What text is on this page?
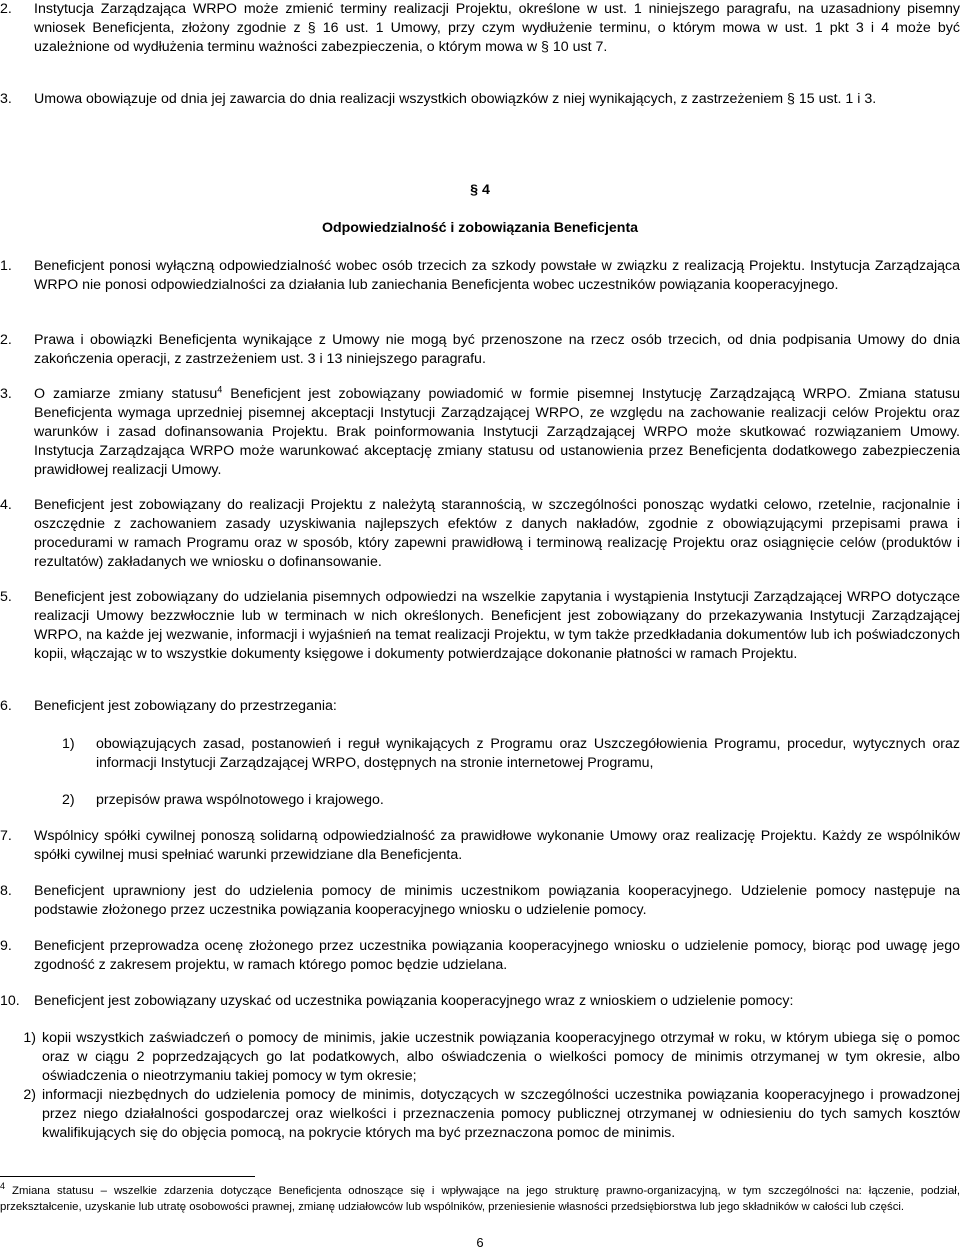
2.	Instytucja Zarządzająca WRPO może zmienić terminy realizacji Projektu, określone w ust. 1 niniejszego paragrafu, na uzasadniony pisemny wniosek Beneficjenta, złożony zgodnie z § 16 ust. 1 Umowy, przy czym wydłużenie terminu, o którym mowa w ust. 1 pkt 3 i 4 może być uzależnione od wydłużenia terminu ważności zabezpieczenia, o którym mowa w § 10 ust 7.
3.	Umowa obowiązuje od dnia jej zawarcia do dnia realizacji wszystkich obowiązków z niej wynikających, z zastrzeżeniem § 15 ust. 1 i 3.
§ 4
Odpowiedzialność i zobowiązania Beneficjenta
1.	Beneficjent ponosi wyłączną odpowiedzialność wobec osób trzecich za szkody powstałe w związku z realizacją Projektu. Instytucja Zarządzająca WRPO nie ponosi odpowiedzialności za działania lub zaniechania Beneficjenta wobec uczestników powiązania kooperacyjnego.
2.	Prawa i obowiązki Beneficjenta wynikające z Umowy nie mogą być przenoszone na rzecz osób trzecich, od dnia podpisania Umowy do dnia zakończenia operacji, z zastrzeżeniem ust. 3 i 13 niniejszego paragrafu.
3.	O zamiarze zmiany statusu$^4$ Beneficjent jest zobowiązany powiadomić w formie pisemnej Instytucję Zarządzającą WRPO. Zmiana statusu Beneficjenta wymaga uprzedniej pisemnej akceptacji Instytucji Zarządzającej WRPO, ze względu na zachowanie realizacji celów Projektu oraz warunków i zasad dofinansowania Projektu. Brak poinformowania Instytucji Zarządzającej WRPO może skutkować rozwiązaniem Umowy. Instytucja Zarządzająca WRPO może warunkować akceptację zmiany statusu od ustanowienia przez Beneficjenta dodatkowego zabezpieczenia prawidłowej realizacji Umowy.
4.	Beneficjent jest zobowiązany do realizacji Projektu z należytą starannością, w szczególności ponosząc wydatki celowo, rzetelnie, racjonalnie i oszczędnie z zachowaniem zasady uzyskiwania najlepszych efektów z danych nakładów, zgodnie z obowiązującymi przepisami prawa i procedurami w ramach Programu oraz w sposób, który zapewni prawidłową i terminową realizację Projektu oraz osiągnięcie celów (produktów i rezultatów) zakładanych we wniosku o dofinansowanie.
5.	Beneficjent jest zobowiązany do udzielania pisemnych odpowiedzi na wszelkie zapytania i wystąpienia Instytucji Zarządzającej WRPO dotyczące realizacji Umowy bezzwłocznie lub w terminach w nich określonych. Beneficjent jest zobowiązany do przekazywania Instytucji Zarządzającej WRPO, na każde jej wezwanie, informacji i wyjaśnień na temat realizacji Projektu, w tym także przedkładania dokumentów lub ich poświadczonych kopii, włączając w to wszystkie dokumenty księgowe i dokumenty potwierdzające dokonanie płatności w ramach Projektu.
6.	Beneficjent jest zobowiązany do przestrzegania:
1)	obowiązujących zasad, postanowień i reguł wynikających z Programu oraz Uszczegółowienia Programu, procedur, wytycznych oraz informacji Instytucji Zarządzającej WRPO, dostępnych na stronie internetowej Programu,
2)	przepisów prawa wspólnotowego i krajowego.
7.	Wspólnicy spółki cywilnej ponoszą solidarną odpowiedzialność za prawidłowe wykonanie Umowy oraz realizację Projektu. Każdy ze wspólników spółki cywilnej musi spełniać warunki przewidziane dla Beneficjenta.
8.	Beneficjent uprawniony jest do udzielenia pomocy de minimis uczestnikom powiązania kooperacyjnego. Udzielenie pomocy następuje na podstawie złożonego przez uczestnika powiązania kooperacyjnego wniosku o udzielenie pomocy.
9.	Beneficjent przeprowadza ocenę złożonego przez uczestnika powiązania kooperacyjnego wniosku o udzielenie pomocy, biorąc pod uwagę jego zgodność z zakresem projektu, w ramach którego pomoc będzie udzielana.
10.	Beneficjent jest zobowiązany uzyskać od uczestnika powiązania kooperacyjnego wraz z wnioskiem o udzielenie pomocy:
1) kopii wszystkich zaświadczeń o pomocy de minimis, jakie uczestnik powiązania kooperacyjnego otrzymał w roku, w którym ubiega się o pomoc oraz w ciągu 2 poprzedzających go lat podatkowych, albo oświadczenia o wielkości pomocy de minimis otrzymanej w tym okresie, albo oświadczenia o nieotrzymaniu takiej pomocy w tym okresie;
2) informacji niezbędnych do udzielenia pomocy de minimis, dotyczących w szczególności uczestnika powiązania kooperacyjnego i prowadzonej przez niego działalności gospodarczej oraz wielkości i przeznaczenia pomocy publicznej otrzymanej w odniesieniu do tych samych kosztów kwalifikujących się do objęcia pomocą, na pokrycie których ma być przeznaczona pomoc de minimis.
$^4$ Zmiana statusu – wszelkie zdarzenia dotyczące Beneficjenta odnoszące się i wpływające na jego strukturę prawno-organizacyjną, w tym szczególności na: łączenie, podział, przekształcenie, uzyskanie lub utratę osobowości prawnej, zmianę udziałowców lub wspólników, przeniesienie własności przedsiębiorstwa lub jego składników w całości lub części.
6
